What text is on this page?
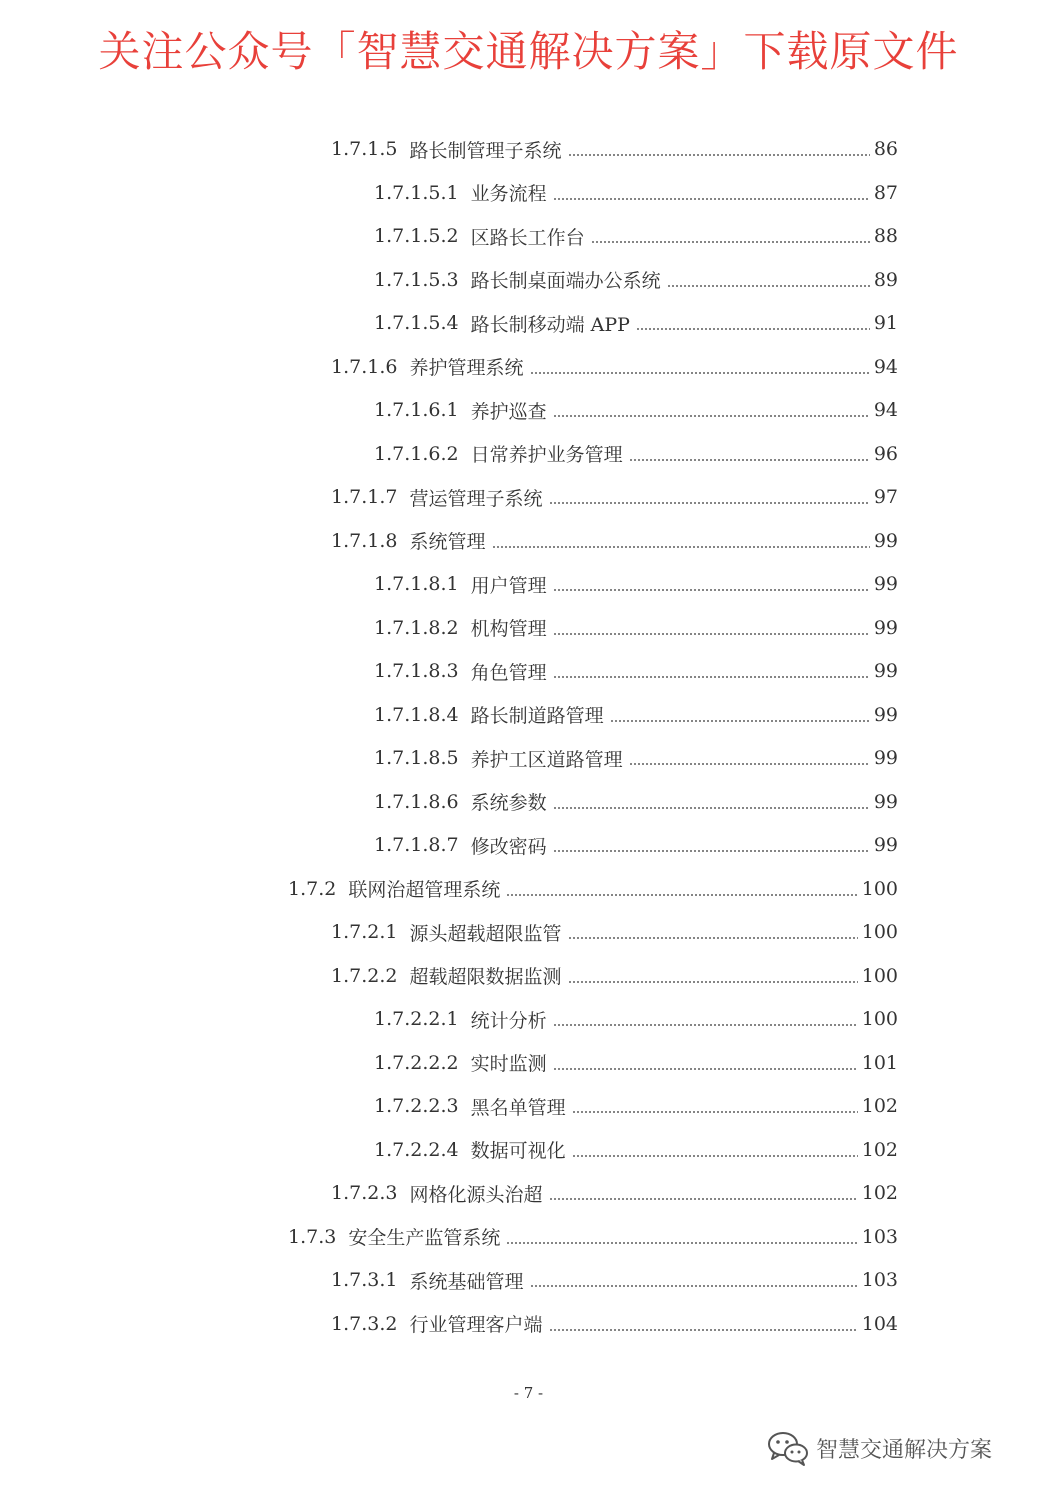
关注公众号「智慧交通解决方案」下载原文件
1.7.1.5 路长制管理子系统	86
1.7.1.5.1 业务流程	87
1.7.1.5.2 区路长工作台	88
1.7.1.5.3 路长制桌面端办公系统	89
1.7.1.5.4 路长制移动端 APP	91
1.7.1.6 养护管理系统	94
1.7.1.6.1 养护巡查	94
1.7.1.6.2 日常养护业务管理	96
1.7.1.7 营运管理子系统	97
1.7.1.8 系统管理	99
1.7.1.8.1 用户管理	99
1.7.1.8.2 机构管理	99
1.7.1.8.3 角色管理	99
1.7.1.8.4 路长制道路管理	99
1.7.1.8.5 养护工区道路管理	99
1.7.1.8.6 系统参数	99
1.7.1.8.7 修改密码	99
1.7.2 联网治超管理系统	100
1.7.2.1 源头超载超限监管	100
1.7.2.2 超载超限数据监测	100
1.7.2.2.1 统计分析	100
1.7.2.2.2 实时监测	101
1.7.2.2.3 黑名单管理	102
1.7.2.2.4 数据可视化	102
1.7.2.3 网格化源头治超	102
1.7.3 安全生产监管系统	103
1.7.3.1 系统基础管理	103
1.7.3.2 行业管理客户端	104
- 7 -
智慧交通解决方案
